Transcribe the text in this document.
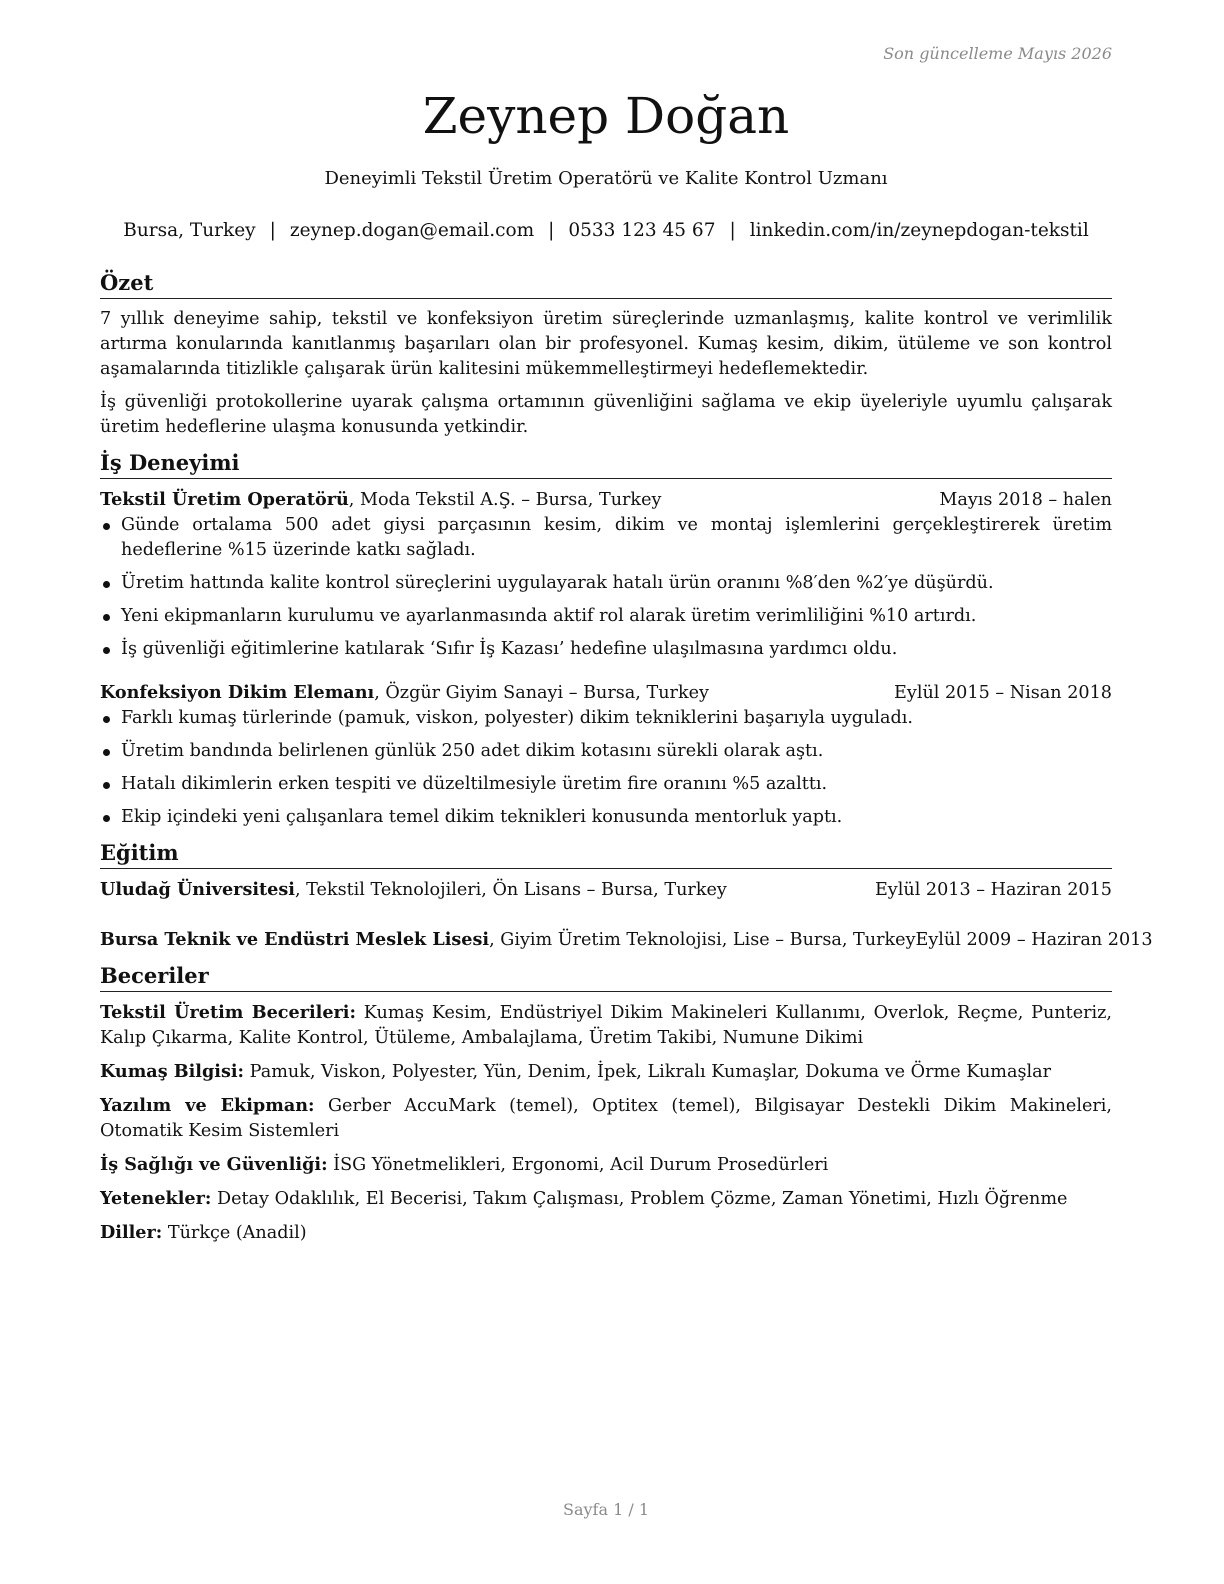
Son güncelleme Mayıs 2026
Zeynep Doğan
Deneyimli Tekstil Üretim Operatörü ve Kalite Kontrol Uzmanı
Bursa, Turkey | zeynep.dogan@email.com | 0533 123 45 67 | linkedin.com/in/zeynepdogan-tekstil
Özet

7 yıllık deneyime sahip, tekstil ve konfeksiyon üretim süreçlerinde uzmanlaşmış, kalite kontrol ve verimlilik artırma konularında kanıtlanmış başarıları olan bir profesyonel. Kumaş kesim, dikim, ütüleme ve son kontrol aşamalarında titizlikle çalışarak ürün kalitesini mükemmelleştirmeyi hedeflemektedir.

İş güvenliği protokollerine uyarak çalışma ortamının güvenliğini sağlama ve ekip üyeleriyle uyumlu çalışarak üretim hedeflerine ulaşma konusunda yetkindir.

İş Deneyimi
Tekstil Üretim Operatörü, Moda Tekstil A.Ş. – Bursa, Turkey	Mayıs 2018 – halen
Günde ortalama 500 adet giysi parçasının kesim, dikim ve montaj işlemlerini gerçekleştirerek üretim hedeflerine %15 üzerinde katkı sağladı.
Üretim hattında kalite kontrol süreçlerini uygulayarak hatalı ürün oranını %8′den %2′ye düşürdü.
Yeni ekipmanların kurulumu ve ayarlanmasında aktif rol alarak üretim verimliliğini %10 artırdı.
İş güvenliği eğitimlerine katılarak ‘Sıfır İş Kazası’ hedefine ulaşılmasına yardımcı oldu.
Konfeksiyon Dikim Elemanı, Özgür Giyim Sanayi – Bursa, Turkey	Eylül 2015 – Nisan 2018
Farklı kumaş türlerinde (pamuk, viskon, polyester) dikim tekniklerini başarıyla uyguladı.
Üretim bandında belirlenen günlük 250 adet dikim kotasını sürekli olarak aştı.
Hatalı dikimlerin erken tespiti ve düzeltilmesiyle üretim fire oranını %5 azalttı.
Ekip içindeki yeni çalışanlara temel dikim teknikleri konusunda mentorluk yaptı.
Eğitim
Uludağ Üniversitesi, Tekstil Teknolojileri, Ön Lisans – Bursa, Turkey	Eylül 2013 – Haziran 2015
Bursa Teknik ve Endüstri Meslek Lisesi, Giyim Üretim Teknolojisi, Lise – Bursa, Turkey Eylül 2009 – Haziran 2013
Beceriler

Tekstil Üretim Becerileri: Kumaş Kesim, Endüstriyel Dikim Makineleri Kullanımı, Overlok, Reçme, Punteriz, Kalıp Çıkarma, Kalite Kontrol, Ütüleme, Ambalajlama, Üretim Takibi, Numune Dikimi

Kumaş Bilgisi: Pamuk, Viskon, Polyester, Yün, Denim, İpek, Likralı Kumaşlar, Dokuma ve Örme Kumaşlar

Yazılım ve Ekipman: Gerber AccuMark (temel), Optitex (temel), Bilgisayar Destekli Dikim Makineleri, Otomatik Kesim Sistemleri

İş Sağlığı ve Güvenliği: İSG Yönetmelikleri, Ergonomi, Acil Durum Prosedürleri

Yetenekler: Detay Odaklılık, El Becerisi, Takım Çalışması, Problem Çözme, Zaman Yönetimi, Hızlı Öğrenme

Diller: Türkçe (Anadil)

Sayfa 1 / 1
